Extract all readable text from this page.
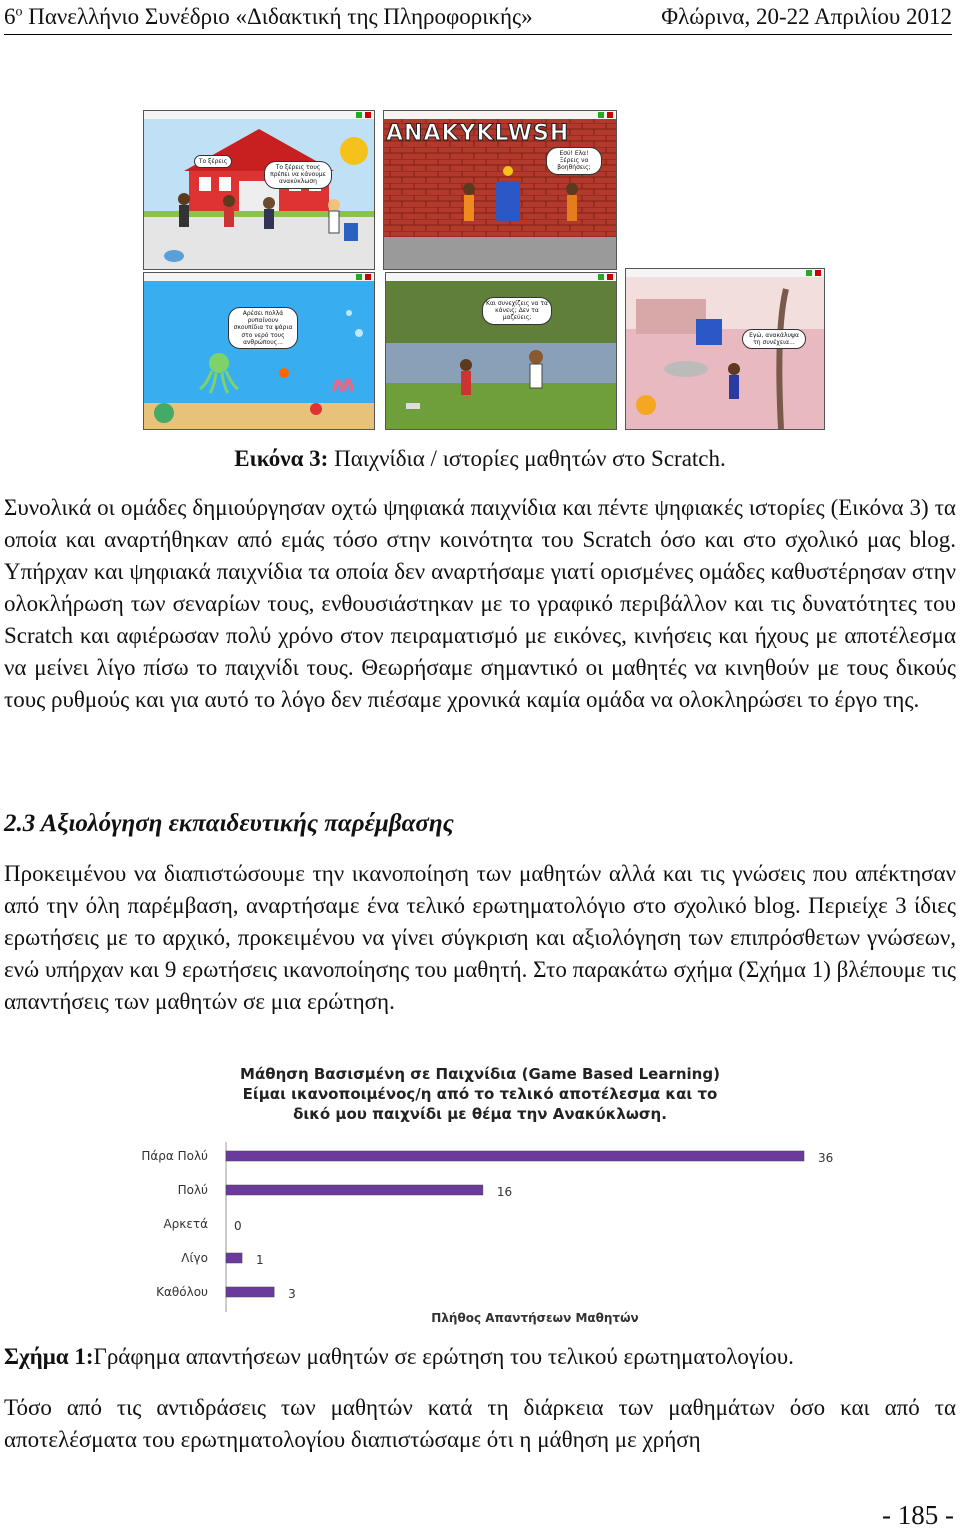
$6^o$ Πανελλήνιο Συνέδριο «Διδακτική της Πληροφορικής»	Φλώρινα, 20-22 Απριλίου 2012
Το ξέρεις
Το ξέρεις τους πρέπει να κάνουμε ανακύκλωση
ANAKYKLWSH
Εσύ! Ελα! Ξέρεις να βοηθήσεις;
Αρέσει πολλά ρυπαίνουν σκουπίδια τα ψάρια στο νερό τους ανθρώπους...
Και συνεχίζεις να τα κάνεις; Δεν τα μαζεύεις;
Εγώ, ανακάλυψα τη συνέχεια...
Εικόνα 3: Παιχνίδια / ιστορίες μαθητών στο Scratch.

Συνολικά οι ομάδες δημιούργησαν οχτώ ψηφιακά παιχνίδια και πέντε ψηφιακές ιστορίες (Εικόνα 3) τα οποία και αναρτήθηκαν από εμάς τόσο στην κοινότητα του Scratch όσο και στο σχολικό μας blog. Υπήρχαν και ψηφιακά παιχνίδια τα οποία δεν αναρτήσαμε γιατί ορισμένες ομάδες καθυστέρησαν στην ολοκλήρωση των σεναρίων τους, ενθουσιάστηκαν με το γραφικό περιβάλλον και τις δυνατότητες του Scratch και αφιέρωσαν πολύ χρόνο στον πειραματισμό με εικόνες, κινήσεις και ήχους με αποτέλεσμα να μείνει λίγο πίσω το παιχνίδι τους. Θεωρήσαμε σημαντικό οι μαθητές να κινηθούν με τους δικούς τους ρυθμούς και για αυτό το λόγο δεν πιέσαμε χρονικά καμία ομάδα να ολοκληρώσει το έργο της.

2.3 Αξιολόγηση εκπαιδευτικής παρέμβασης

Προκειμένου να διαπιστώσουμε την ικανοποίηση των μαθητών αλλά και τις γνώσεις που απέκτησαν από την όλη παρέμβαση, αναρτήσαμε ένα τελικό ερωτηματολόγιο στο σχολικό blog. Περιείχε 3 ίδιες ερωτήσεις με το αρχικό, προκειμένου να γίνει σύγκριση και αξιολόγηση των επιπρόσθετων γνώσεων, ενώ υπήρχαν και 9 ερωτήσεις ικανοποίησης του μαθητή. Στο παρακάτω σχήμα (Σχήμα 1) βλέπουμε τις απαντήσεις των μαθητών σε μια ερώτηση.

Μάθηση Βασισμένη σε Παιχνίδια (Game Based Learning)
Είμαι ικανοποιμένος/η από το τελικό αποτέλεσμα και το
δικό μου παιχνίδι με θέμα την Ανακύκλωση.
Πάρα Πολύ	36
Πολύ	16
Αρκετά 0
Λίγο	1
Καθόλου	3
Πλήθος Απαντήσεων Μαθητών
Σχήμα 1:Γράφημα απαντήσεων μαθητών σε ερώτηση του τελικού ερωτηματολογίου.

Τόσο από τις αντιδράσεις των μαθητών κατά τη διάρκεια των μαθημάτων όσο και από τα αποτελέσματα του ερωτηματολογίου διαπιστώσαμε ότι η μάθηση με χρήση

- 185 -
